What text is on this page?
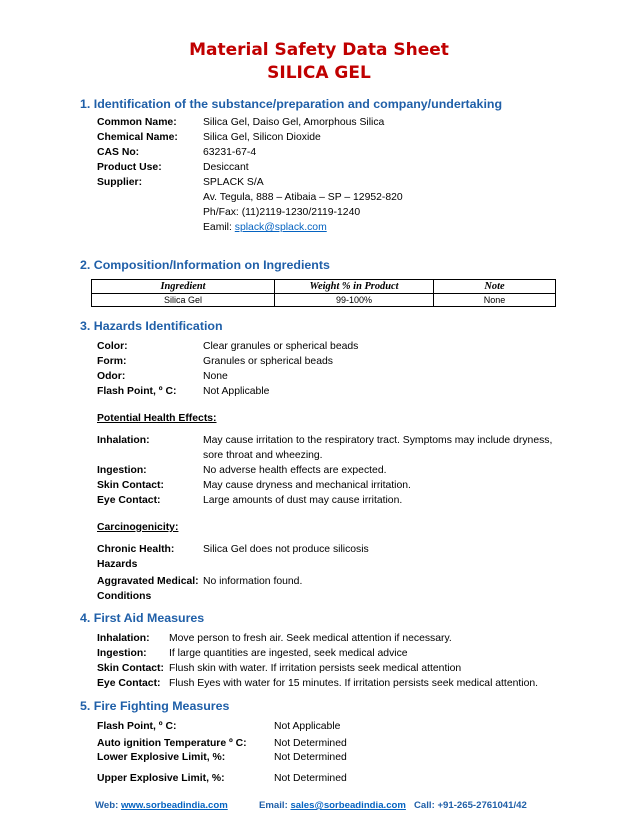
Material Safety Data Sheet
SILICA GEL
1. Identification of the substance/preparation and company/undertaking
Common Name:	Silica Gel, Daiso Gel, Amorphous Silica
Chemical Name: Silica Gel, Silicon Dioxide
CAS No:	63231-67-4
Product Use:	Desiccant
Supplier:	SPLACK S/A
Av. Tegula, 888 – Atibaia – SP – 12952-820
Ph/Fax: (11)2119-1230/2119-1240
Eamil: splack@splack.com
2. Composition/Information on Ingredients
Ingredient	Weight % in Product	Note
Silica Gel	99-100%	None
3. Hazards Identification
Color:	Clear granules or spherical beads
Form:	Granules or spherical beads
Odor:	None
Flash Point, º C:	Not Applicable
Potential Health Effects:
Inhalation:	May cause irritation to the respiratory tract. Symptoms may include dryness,
sore throat and wheezing.
Ingestion:	No adverse health effects are expected.
Skin Contact:	May cause dryness and mechanical irritation.
Eye Contact:	Large amounts of dust may cause irritation.
Carcinogenicity:
Chronic Health:
Hazards
Silica Gel does not produce silicosis
Aggravated Medical:
Conditions
No information found.
4. First Aid Measures
Inhalation: Move person to fresh air. Seek medical attention if necessary.
Ingestion: If large quantities are ingested, seek medical advice
Skin Contact: Flush skin with water. If irritation persists seek medical attention
Eye Contact: Flush Eyes with water for 15 minutes. If irritation persists seek medical attention.
5. Fire Fighting Measures
Flash Point, º C:	Not Applicable
Auto ignition Temperature º C:	Not Determined
Lower Explosive Limit, %:	Not Determined
Upper Explosive Limit, %:	Not Determined
Web: www.sorbeadindia.com	Email: sales@sorbeadindia.com Call: +91-265-2761041/42
